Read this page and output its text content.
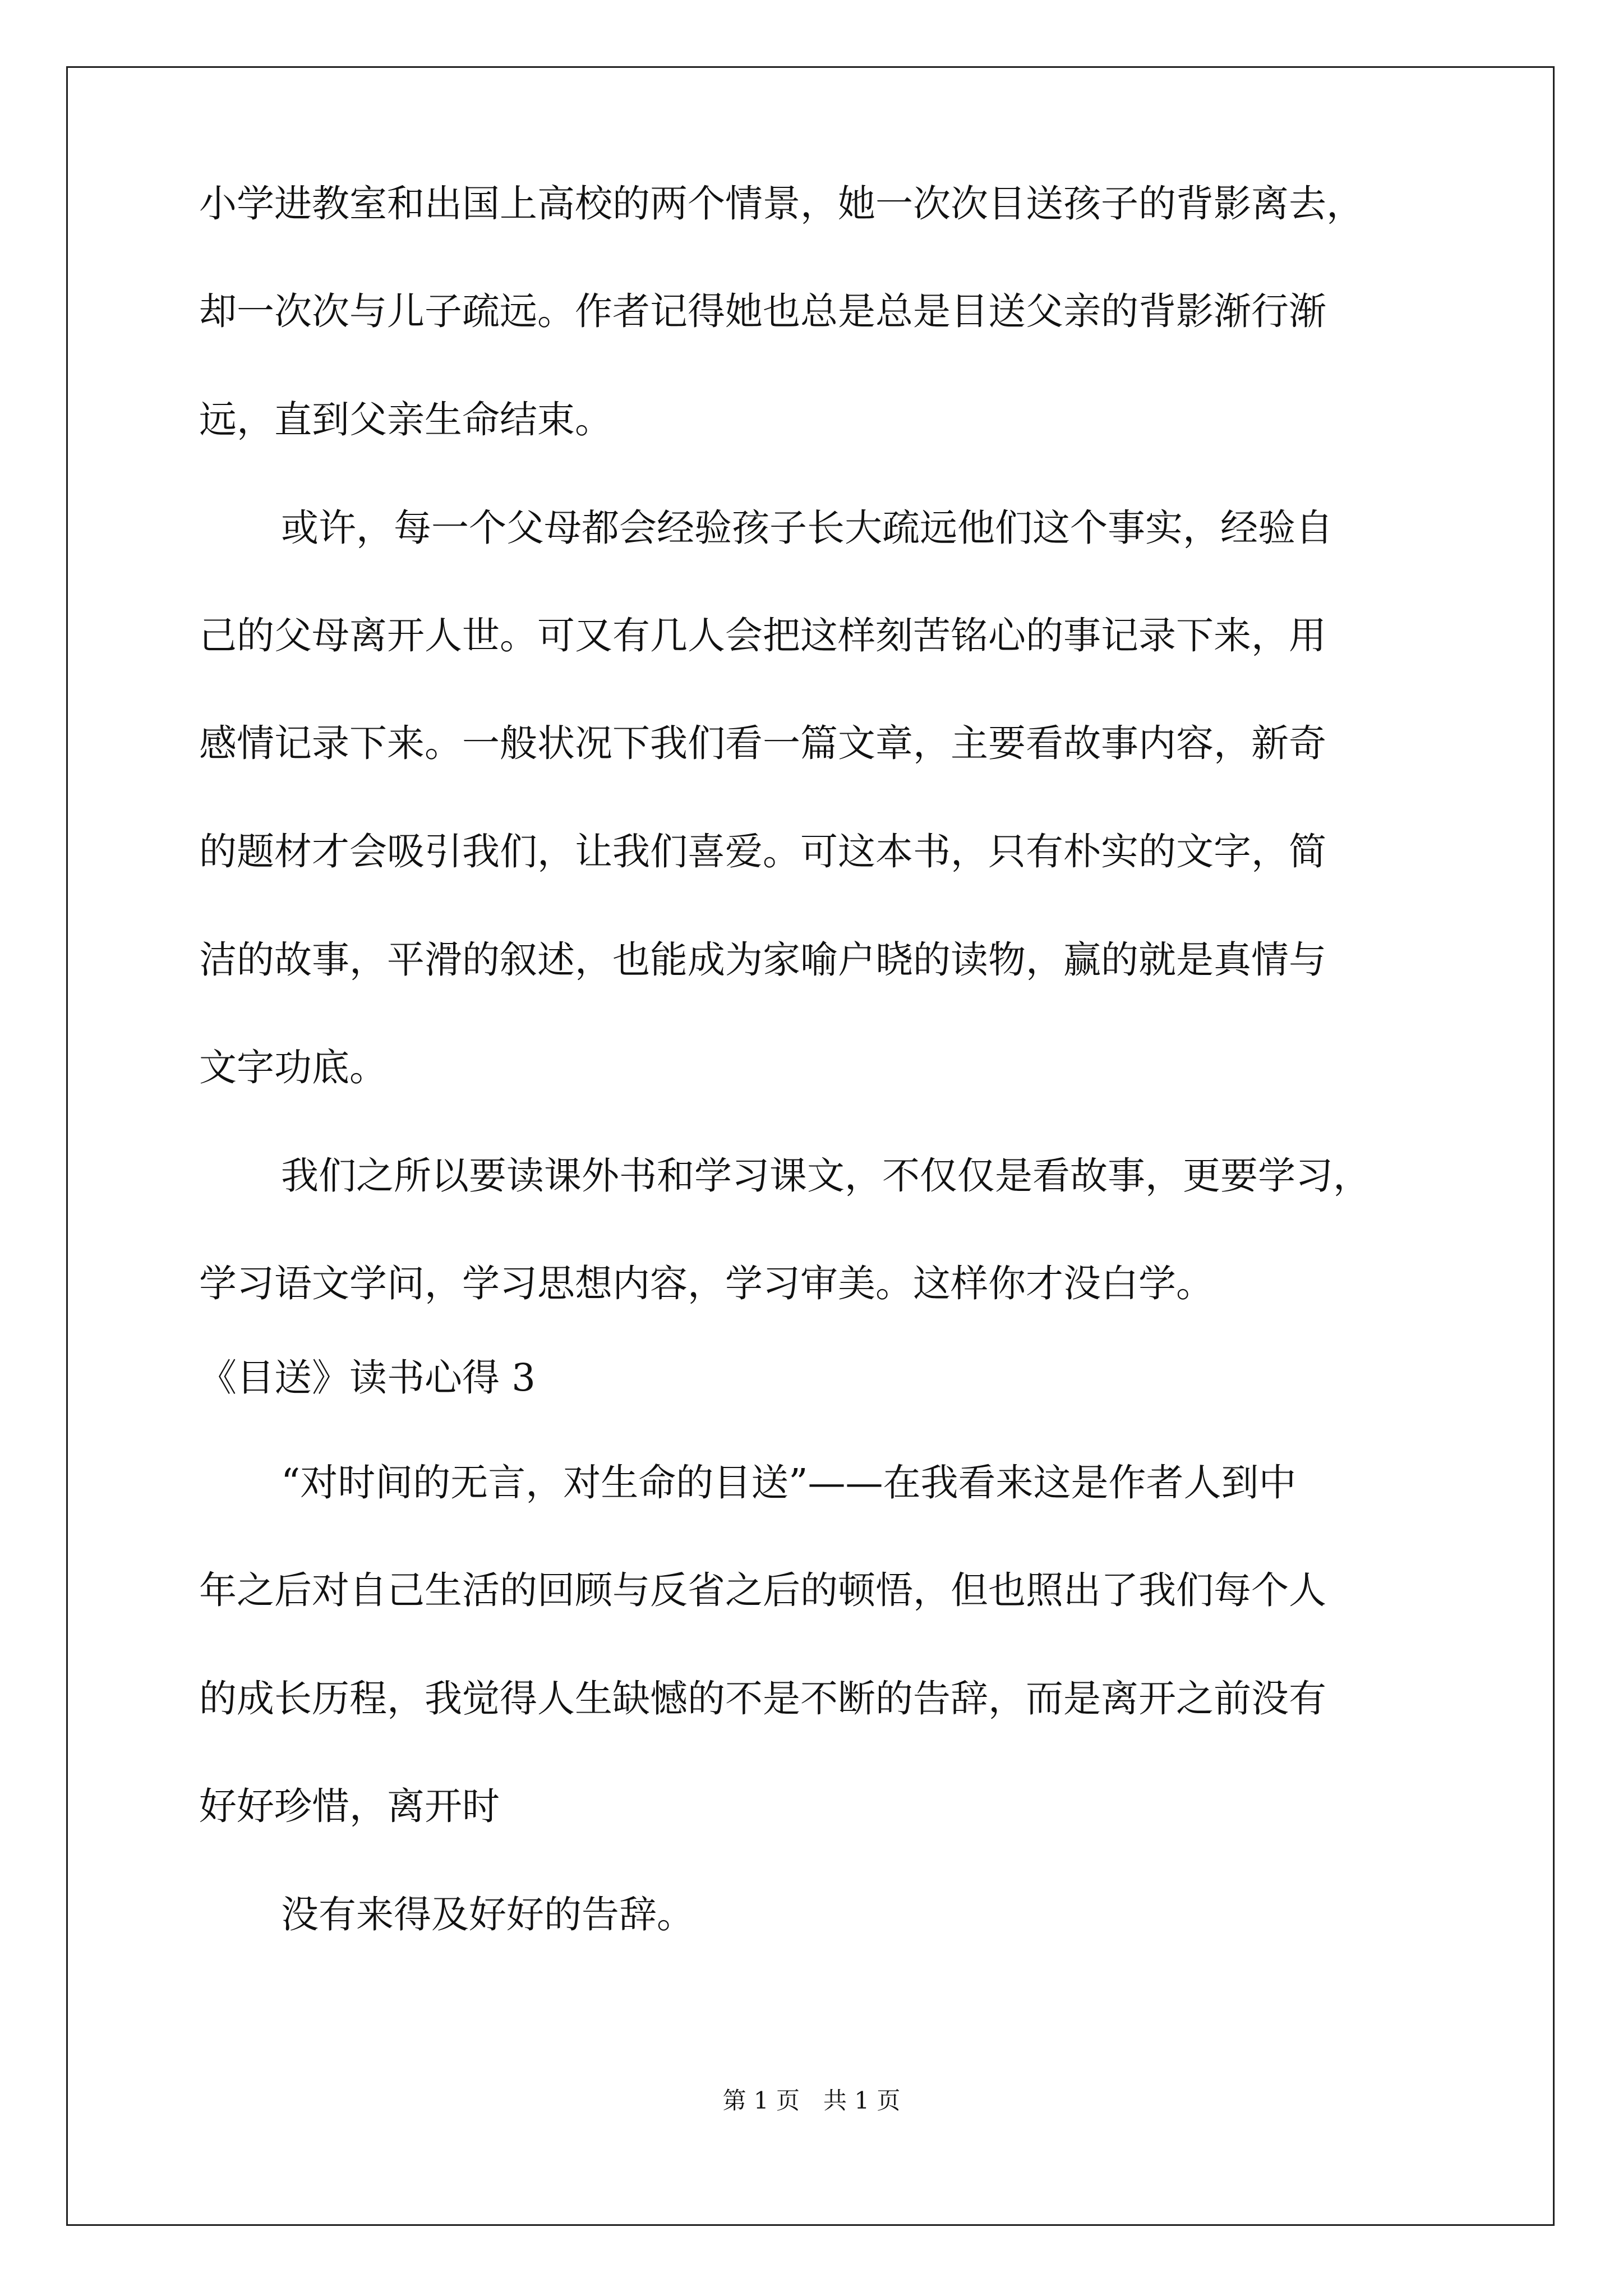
小学进教室和出国上高校的两个情景，她一次次目送孩子的背影离去，

却一次次与儿子疏远。作者记得她也总是总是目送父亲的背影渐行渐

远，直到父亲生命结束。

或许，每一个父母都会经验孩子长大疏远他们这个事实，经验自

己的父母离开人世。可又有几人会把这样刻苦铭心的事记录下来，用

感情记录下来。一般状况下我们看一篇文章，主要看故事内容，新奇

的题材才会吸引我们，让我们喜爱。可这本书，只有朴实的文字，简

洁的故事，平滑的叙述，也能成为家喻户晓的读物，赢的就是真情与

文字功底。

我们之所以要读课外书和学习课文，不仅仅是看故事，更要学习，

学习语文学问，学习思想内容，学习审美。这样你才没白学。

《目送》读书心得 3

“对时间的无言，对生命的目送”——在我看来这是作者人到中

年之后对自己生活的回顾与反省之后的顿悟，但也照出了我们每个人

的成长历程，我觉得人生缺憾的不是不断的告辞，而是离开之前没有

好好珍惜，离开时

没有来得及好好的告辞。

第 1 页　共 1 页
